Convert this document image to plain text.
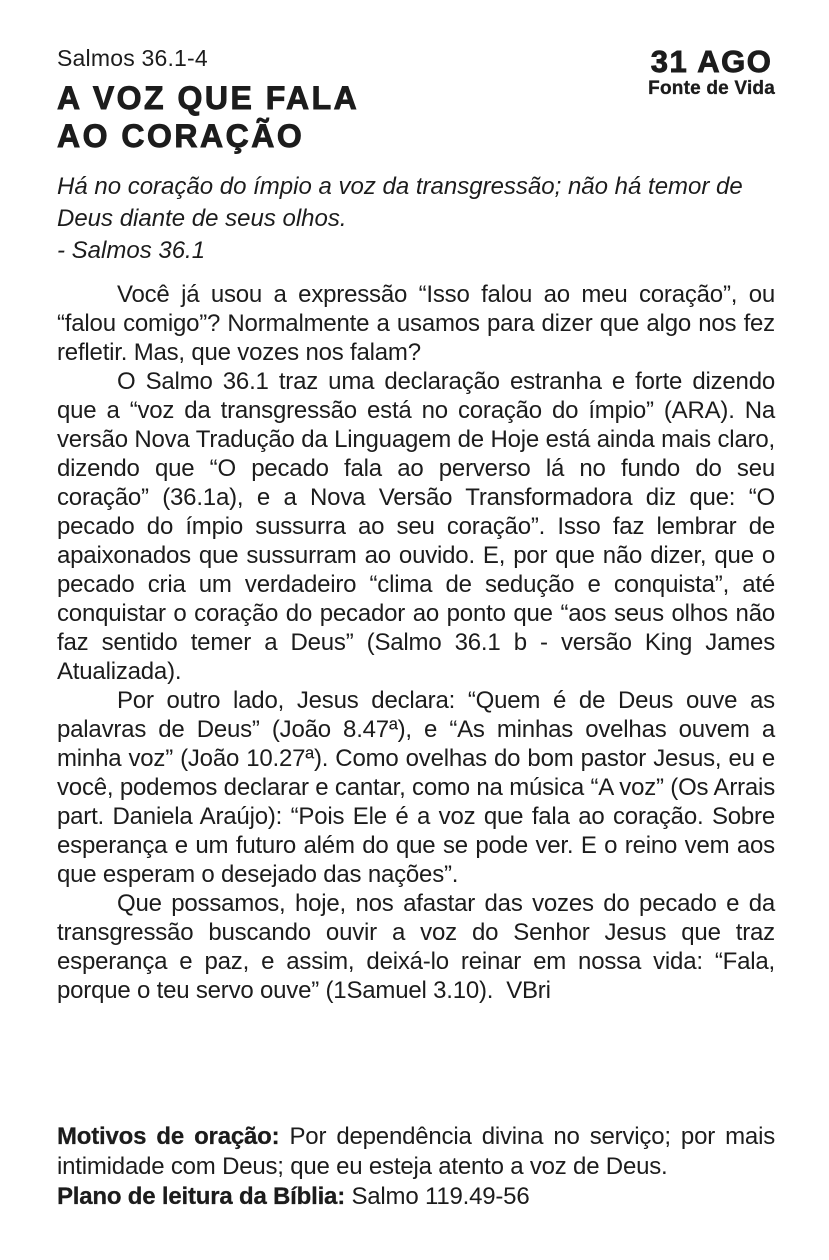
Salmos 36.1-4
A VOZ QUE FALA
AO CORAÇÃO
31 AGO
Fonte de Vida

Há no coração do ímpio a voz da transgressão; não há temor de Deus diante de seus olhos.

- Salmos 36.1

Você já usou a expressão “Isso falou ao meu coração”, ou “falou comigo”? Normalmente a usamos para dizer que algo nos fez refletir. Mas, que vozes nos falam?

O Salmo 36.1 traz uma declaração estranha e forte dizendo que a “voz da transgressão está no coração do ímpio” (ARA). Na versão Nova Tradução da Linguagem de Hoje está ainda mais claro, dizendo que “O pecado fala ao perverso lá no fundo do seu coração” (36.1a), e a Nova Versão Transformadora diz que: “O pecado do ímpio sussurra ao seu coração”. Isso faz lembrar de apaixonados que sussurram ao ouvido. E, por que não dizer, que o pecado cria um verdadeiro “clima de sedução e conquista”, até conquistar o coração do pecador ao ponto que “aos seus olhos não faz sentido temer a Deus” (Salmo 36.1 b - versão King James Atualizada).

Por outro lado, Jesus declara: “Quem é de Deus ouve as palavras de Deus” (João 8.47ª), e “As minhas ovelhas ouvem a minha voz” (João 10.27ª). Como ovelhas do bom pastor Jesus, eu e você, podemos declarar e cantar, como na música “A voz” (Os Arrais part. Daniela Araújo): “Pois Ele é a voz que fala ao coração. Sobre esperança e um futuro além do que se pode ver. E o reino vem aos que esperam o desejado das nações”.

Que possamos, hoje, nos afastar das vozes do pecado e da transgressão buscando ouvir a voz do Senhor Jesus que traz esperança e paz, e assim, deixá-lo reinar em nossa vida: “Fala, porque o teu servo ouve” (1Samuel 3.10).  VBri

Motivos de oração: Por dependência divina no serviço; por mais intimidade com Deus; que eu esteja atento a voz de Deus.

Plano de leitura da Bíblia: Salmo 119.49-56
